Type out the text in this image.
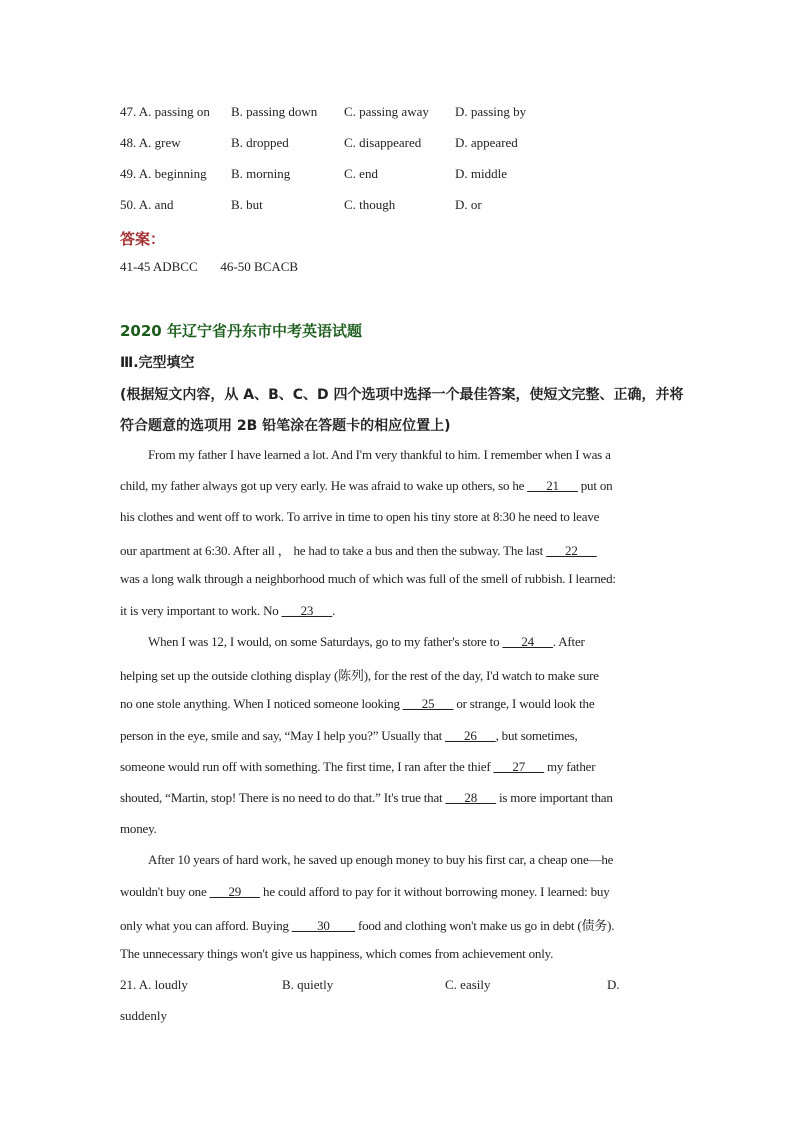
47. A. passing on B. passing down C. passing away D. passing by
48. A. grew	B. dropped	C. disappeared	D. appeared
49. A. beginning B. morning	C. end	D. middle
50. A. and	B. but	C. though	D. or
答案：
41-45 ADBCC       46-50 BCACB
2020 年辽宁省丹东市中考英语试题
Ⅲ.完型填空
(根据短文内容，从 A、B、C、D 四个选项中选择一个最佳答案，使短文完整、正确，并将
符合题意的选项用 2B 铅笔涂在答题卡的相应位置上)
From my father I have learned a lot. And I'm very thankful to him. I remember when I was a
child, my father always got up very early. He was afraid to wake up others, so he ___21___ put on
his clothes and went off to work. To arrive in time to open his tiny store at 8:30 he need to leave
our apartment at 6:30. After all ， he had to take a bus and then the subway. The last ___22___
was a long walk through a neighborhood much of which was full of the smell of rubbish. I learned:
it is very important to work. No ___23___.
When I was 12, I would, on some Saturdays, go to my father's store to ___24___. After
helping set up the outside clothing display (陈列), for the rest of the day, I'd watch to make sure
no one stole anything. When I noticed someone looking ___25___ or strange, I would look the
person in the eye, smile and say, “May I help you?” Usually that ___26___, but sometimes,
someone would run off with something. The first time, I ran after the thief ___27___ my father
shouted, “Martin, stop! There is no need to do that.” It's true that ___28___ is more important than
money.
After 10 years of hard work, he saved up enough money to buy his first car, a cheap one—he
wouldn't buy one ___29___ he could afford to pay for it without borrowing money. I learned: buy
only what you can afford. Buying ____30____ food and clothing won't make us go in debt (债务).
The unnecessary things won't give us happiness, which comes from achievement only.
21. A. loudly	B. quietly	C. easily	D.
suddenly
